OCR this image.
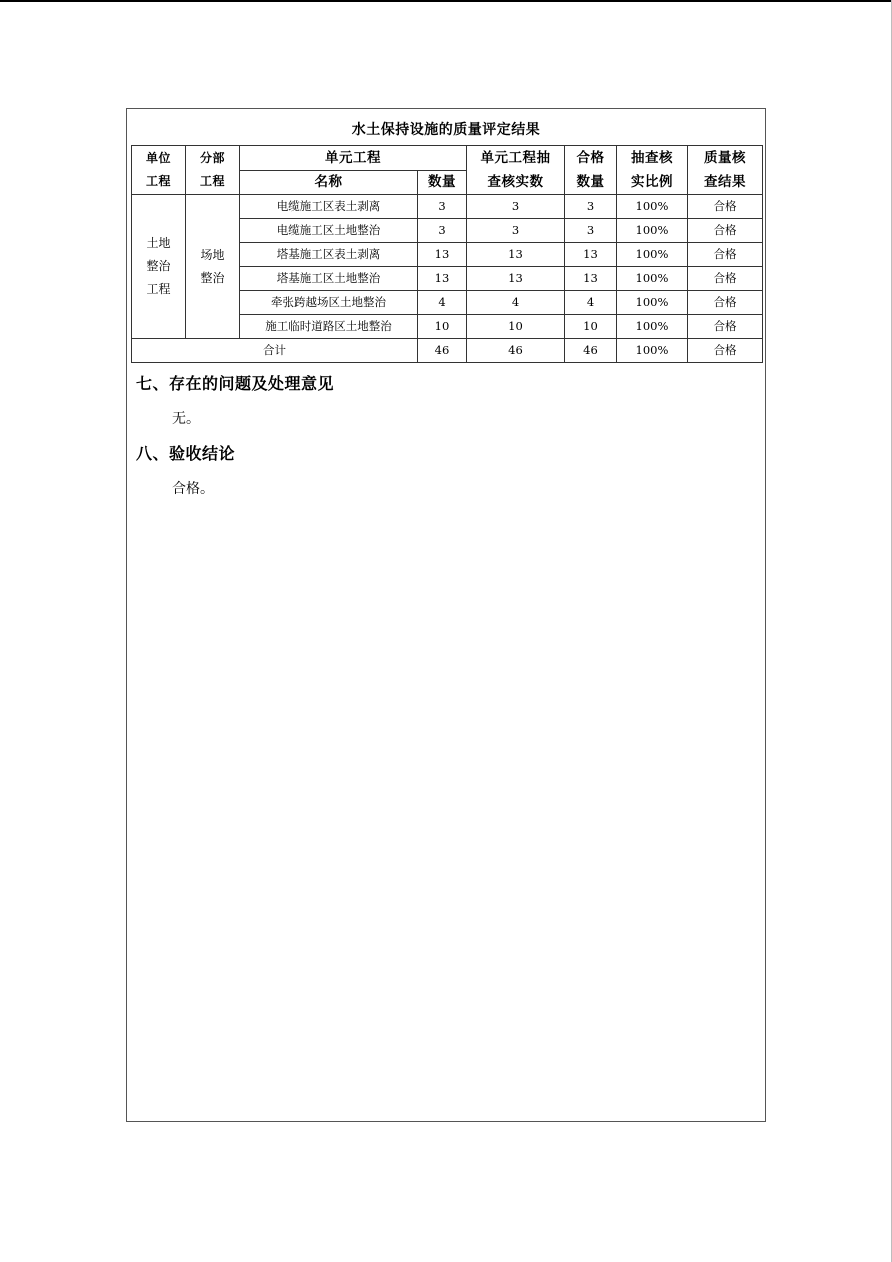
水土保持设施的质量评定结果
单位工程	分部工程	单元工程		单元工程抽查核实数	合格数量	抽查核实比例	质量核查结果
		名称	数量				
土地整治工程	场地整治	电缆施工区表土剥离	3	3	3	100%	合格
		电缆施工区土地整治	3	3	3	100%	合格
		塔基施工区表土剥离	13	13	13	100%	合格
		塔基施工区土地整治	13	13	13	100%	合格
		牵张跨越场区土地整治	4	4	4	100%	合格
		施工临时道路区土地整治	10	10	10	100%	合格
合计			46	46	46	100%	合格
七、存在的问题及处理意见
无。
八、验收结论
合格。
